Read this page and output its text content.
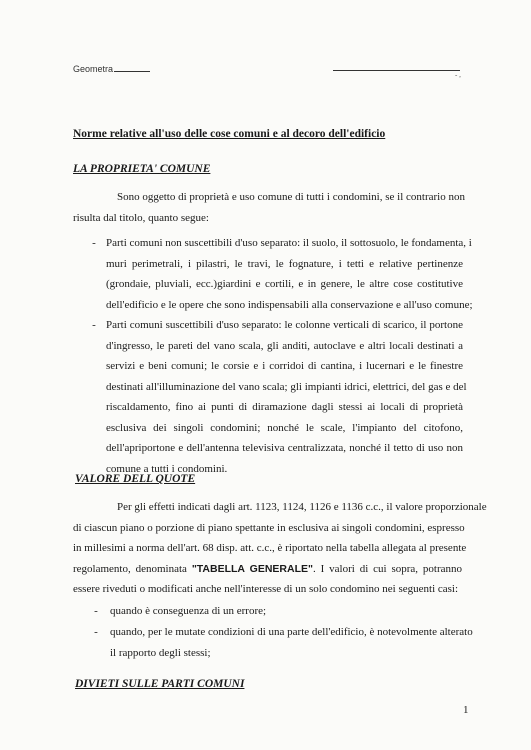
Geometra
- ,
Norme relative all'uso delle cose comuni e al decoro dell'edificio
LA PROPRIETA' COMUNE
Sono oggetto di proprietà e uso comune di tutti i condomini, se il contrario non
risulta dal titolo, quanto segue:
- Parti comuni non suscettibili d'uso separato: il suolo, il sottosuolo, le fondamenta, i
muri perimetrali, i pilastri, le travi, le fognature, i tetti e relative pertinenze
(grondaie, pluviali, ecc.)giardini e cortili, e in genere, le altre cose costitutive
dell'edificio e le opere che sono indispensabili alla conservazione e all'uso comune;
- Parti comuni suscettibili d'uso separato: le colonne verticali di scarico, il portone
d'ingresso, le pareti del vano scala, gli anditi, autoclave e altri locali destinati a
servizi e beni comuni; le corsie e i corridoi di cantina, i lucernari e le finestre
destinati all'illuminazione del vano scala; gli impianti idrici, elettrici, del gas e del
riscaldamento, fino ai punti di diramazione dagli stessi ai locali di proprietà
esclusiva dei singoli condomini; nonché le scale, l'impianto del citofono,
dell'apriportone e dell'antenna televisiva centralizzata, nonché il tetto di uso non
comune a tutti i condomini.
VALORE DELL QUOTE
Per gli effetti indicati dagli art. 1123, 1124, 1126 e 1136 c.c., il valore proporzionale
di ciascun piano o porzione di piano spettante in esclusiva ai singoli condomini, espresso
in millesimi a norma dell'art. 68 disp. att. c.c., è riportato nella tabella allegata al presente
regolamento, denominata "TABELLA GENERALE". I valori di cui sopra, potranno
essere riveduti o modificati anche nell'interesse di un solo condomino nei seguenti casi:
- quando è conseguenza di un errore;
- quando, per le mutate condizioni di una parte dell'edificio, è notevolmente alterato
il rapporto degli stessi;
DIVIETI SULLE PARTI COMUNI
1
